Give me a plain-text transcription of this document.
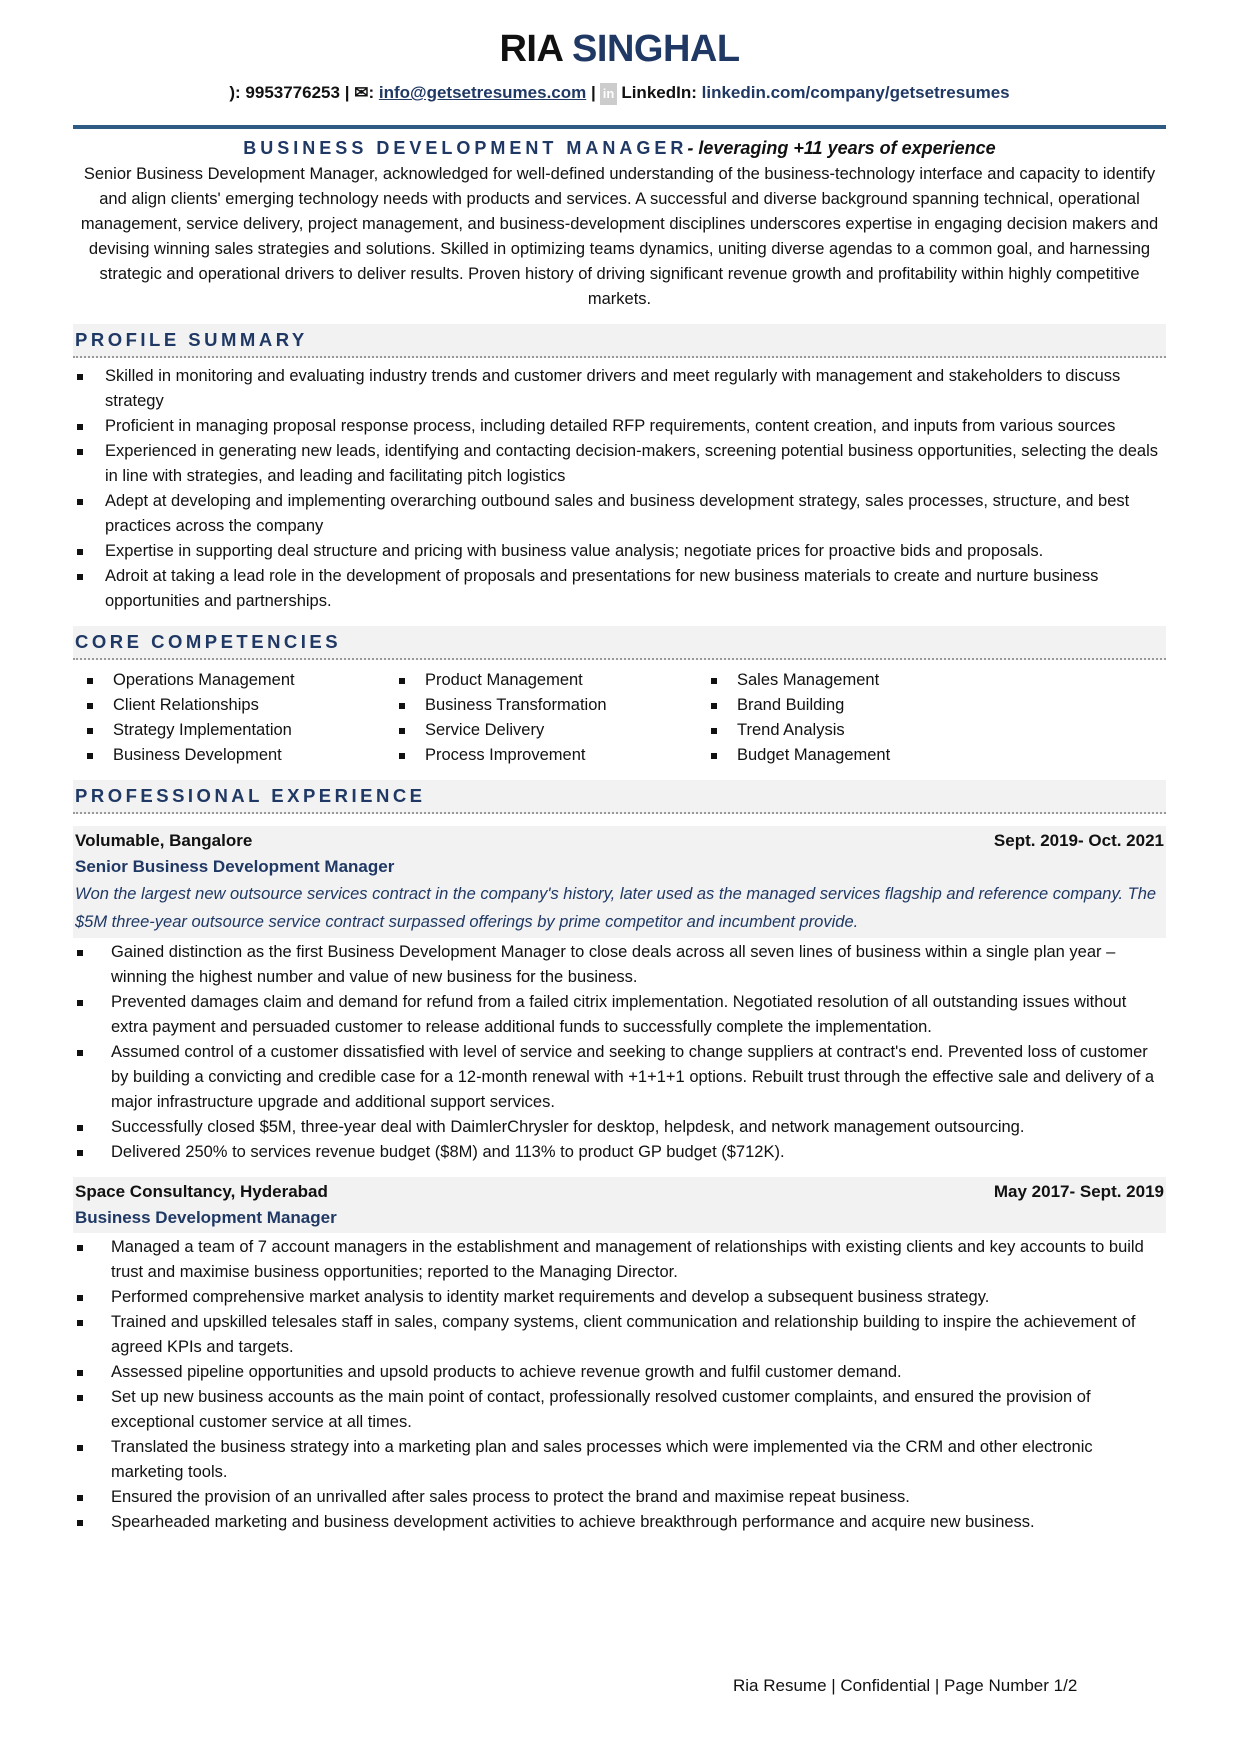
RIA SINGHAL
): 9953776253 | ✉: info@getsetresumes.com | in LinkedIn: linkedin.com/company/getsetresumes
BUSINESS DEVELOPMENT MANAGER- leveraging +11 years of experience
Senior Business Development Manager, acknowledged for well-defined understanding of the business-technology interface and capacity to identify and align clients' emerging technology needs with products and services. A successful and diverse background spanning technical, operational management, service delivery, project management, and business-development disciplines underscores expertise in engaging decision makers and devising winning sales strategies and solutions. Skilled in optimizing teams dynamics, uniting diverse agendas to a common goal, and harnessing strategic and operational drivers to deliver results. Proven history of driving significant revenue growth and profitability within highly competitive markets.
PROFILE SUMMARY
Skilled in monitoring and evaluating industry trends and customer drivers and meet regularly with management and stakeholders to discuss strategy
Proficient in managing proposal response process, including detailed RFP requirements, content creation, and inputs from various sources
Experienced in generating new leads, identifying and contacting decision-makers, screening potential business opportunities, selecting the deals in line with strategies, and leading and facilitating pitch logistics
Adept at developing and implementing overarching outbound sales and business development strategy, sales processes, structure, and best practices across the company
Expertise in supporting deal structure and pricing with business value analysis; negotiate prices for proactive bids and proposals.
Adroit at taking a lead role in the development of proposals and presentations for new business materials to create and nurture business opportunities and partnerships.
CORE COMPETENCIES
Operations Management	Product Management	Sales Management
Client Relationships	Business Transformation	Brand Building
Strategy Implementation	Service Delivery	Trend Analysis
Business Development	Process Improvement	Budget Management
PROFESSIONAL EXPERIENCE
Volumable, Bangalore	Sept. 2019- Oct. 2021
Senior Business Development Manager
Won the largest new outsource services contract in the company's history, later used as the managed services flagship and reference company. The $5M three-year outsource service contract surpassed offerings by prime competitor and incumbent provide.
Gained distinction as the first Business Development Manager to close deals across all seven lines of business within a single plan year – winning the highest number and value of new business for the business.
Prevented damages claim and demand for refund from a failed citrix implementation. Negotiated resolution of all outstanding issues without extra payment and persuaded customer to release additional funds to successfully complete the implementation.
Assumed control of a customer dissatisfied with level of service and seeking to change suppliers at contract's end. Prevented loss of customer by building a convicting and credible case for a 12-month renewal with +1+1+1 options. Rebuilt trust through the effective sale and delivery of a major infrastructure upgrade and additional support services.
Successfully closed $5M, three-year deal with DaimlerChrysler for desktop, helpdesk, and network management outsourcing.
Delivered 250% to services revenue budget ($8M) and 113% to product GP budget ($712K).
Space Consultancy, Hyderabad	May 2017- Sept. 2019
Business Development Manager
Managed a team of 7 account managers in the establishment and management of relationships with existing clients and key accounts to build trust and maximise business opportunities; reported to the Managing Director.
Performed comprehensive market analysis to identity market requirements and develop a subsequent business strategy.
Trained and upskilled telesales staff in sales, company systems, client communication and relationship building to inspire the achievement of agreed KPIs and targets.
Assessed pipeline opportunities and upsold products to achieve revenue growth and fulfil customer demand.
Set up new business accounts as the main point of contact, professionally resolved customer complaints, and ensured the provision of exceptional customer service at all times.
Translated the business strategy into a marketing plan and sales processes which were implemented via the CRM and other electronic marketing tools.
Ensured the provision of an unrivalled after sales process to protect the brand and maximise repeat business.
Spearheaded marketing and business development activities to achieve breakthrough performance and acquire new business.
Ria Resume | Confidential | Page Number 1/2
